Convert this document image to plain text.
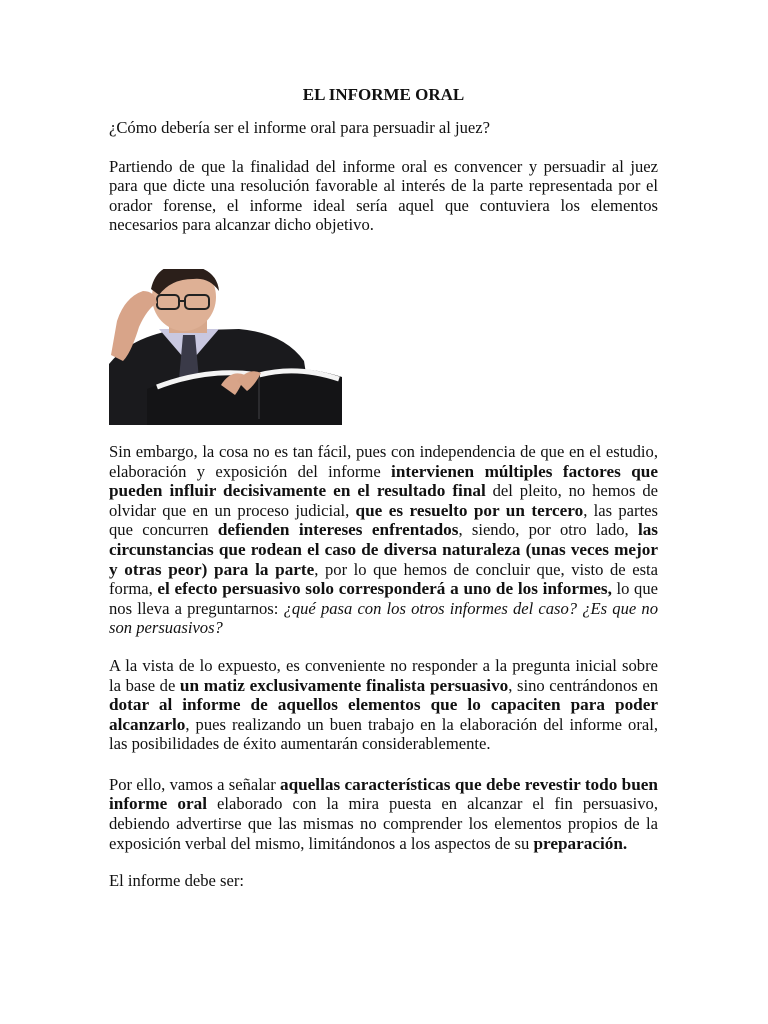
EL INFORME ORAL

¿Cómo debería ser el informe oral para persuadir al juez?

Partiendo de que la finalidad del informe oral es convencer y persuadir al juez para que dicte una resolución favorable al interés de la parte representada por el orador forense, el informe ideal sería aquel que contuviera los elementos necesarios para alcanzar dicho objetivo.

Sin embargo, la cosa no es tan fácil, pues con independencia de que en el estudio, elaboración y exposición del informe intervienen múltiples factores que pueden influir decisivamente en el resultado final del pleito, no hemos de olvidar que en un proceso judicial, que es resuelto por un tercero, las partes que concurren defienden intereses enfrentados, siendo, por otro lado, las circunstancias que rodean el caso de diversa naturaleza (unas veces mejor y otras peor) para la parte, por lo que hemos de concluir que, visto de esta forma, el efecto persuasivo solo corresponderá a uno de los informes, lo que nos lleva a preguntarnos: ¿qué pasa con los otros informes del caso? ¿Es que no son persuasivos?

A la vista de lo expuesto, es conveniente no responder a la pregunta inicial sobre la base de un matiz exclusivamente finalista persuasivo, sino centrándonos en dotar al informe de aquellos elementos que lo capaciten para poder alcanzarlo, pues realizando un buen trabajo en la elaboración del informe oral, las posibilidades de éxito aumentarán considerablemente.

Por ello, vamos a señalar aquellas características que debe revestir todo buen informe oral elaborado con la mira puesta en alcanzar el fin persuasivo, debiendo advertirse que las mismas no comprender los elementos propios de la exposición verbal del mismo, limitándonos a los aspectos de su preparación.

El informe debe ser:
